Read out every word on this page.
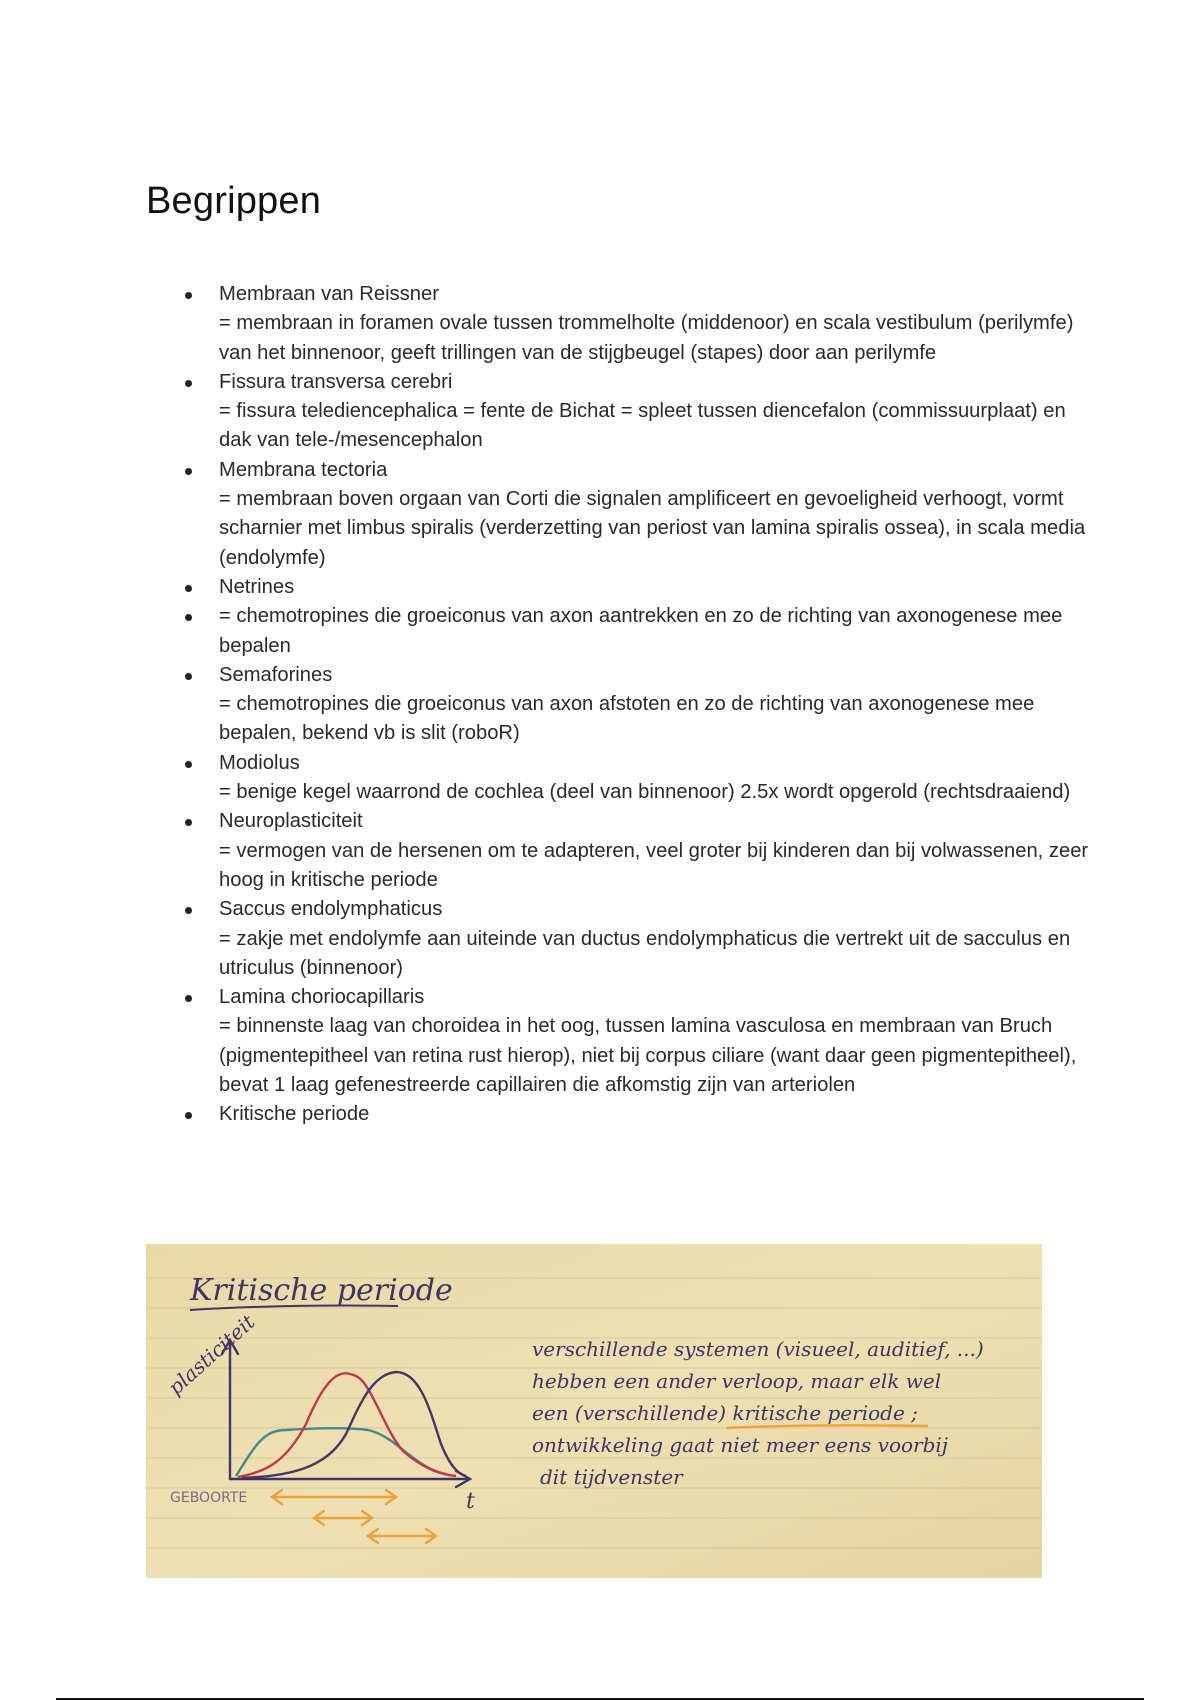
Begrippen
Membraan van Reissner
= membraan in foramen ovale tussen trommelholte (middenoor) en scala vestibulum (perilymfe) van het binnenoor, geeft trillingen van de stijgbeugel (stapes) door aan perilymfe
Fissura transversa cerebri
= fissura telediencephalica = fente de Bichat = spleet tussen diencefalon (commissuurplaat) en dak van tele-/mesencephalon
Membrana tectoria
= membraan boven orgaan van Corti die signalen amplificeert en gevoeligheid verhoogt, vormt scharnier met limbus spiralis (verderzetting van periost van lamina spiralis ossea), in scala media (endolymfe)
Netrines
= chemotropines die groeiconus van axon aantrekken en zo de richting van axonogenese mee bepalen
Semaforines
= chemotropines die groeiconus van axon afstoten en zo de richting van axonogenese mee bepalen, bekend vb is slit (roboR)
Modiolus
= benige kegel waarrond de cochlea (deel van binnenoor) 2.5x wordt opgerold (rechtsdraaiend)
Neuroplasticiteit
= vermogen van de hersenen om te adapteren, veel groter bij kinderen dan bij volwassenen, zeer hoog in kritische periode
Saccus endolymphaticus
= zakje met endolymfe aan uiteinde van ductus endolymphaticus die vertrekt uit de sacculus en utriculus (binnenoor)
Lamina choriocapillaris
= binnenste laag van choroidea in het oog, tussen lamina vasculosa en membraan van Bruch (pigmentepitheel van retina rust hierop), niet bij corpus ciliare (want daar geen pigmentepitheel), bevat 1 laag gefenestreerde capillairen die afkomstig zijn van arteriolen
Kritische periode
Kritische periode
plasticiteit
GEBOORTE	t
verschillende systemen (visueel, auditief, ...)
hebben een ander verloop, maar elk wel
een (verschillende) kritische periode ;
ontwikkeling gaat niet meer eens voorbij
dit tijdvenster
